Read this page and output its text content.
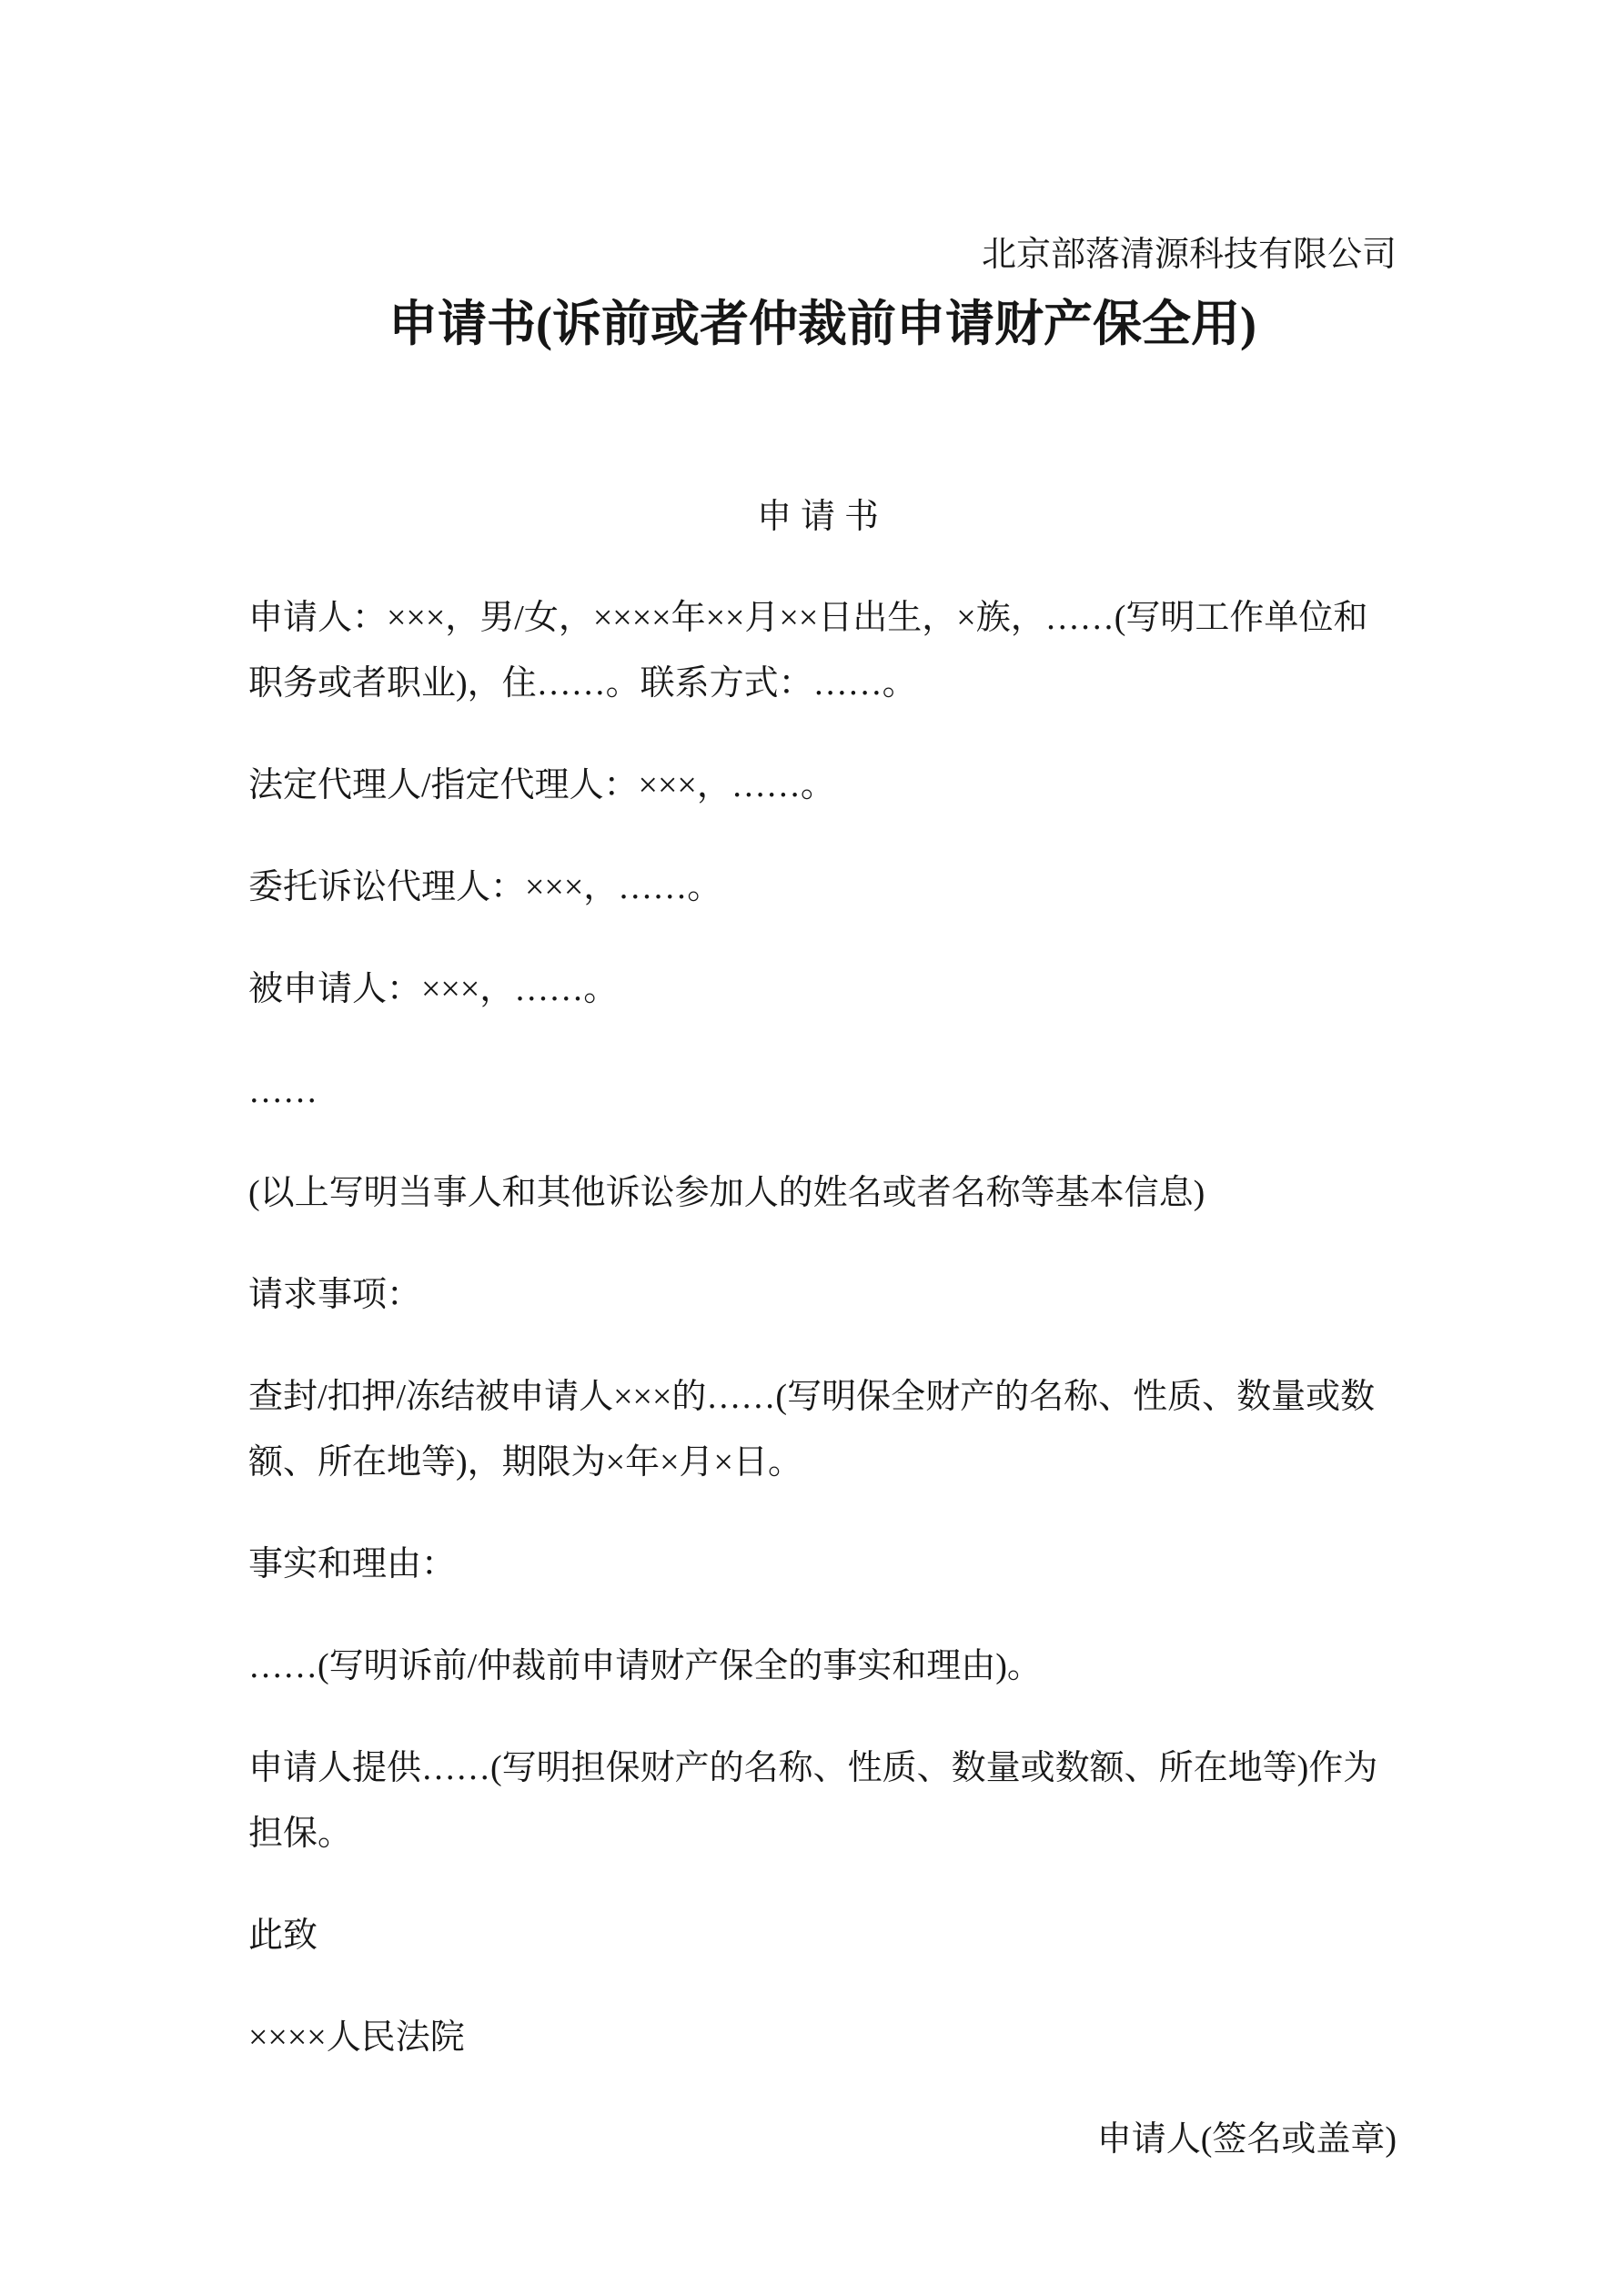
北京部落清源科技有限公司
申请书(诉前或者仲裁前申请财产保全用)
申请书

申请人：×××，男/女，××××年××月××日出生，×族，……(写明工作单位和职务或者职业)，住……。联系方式：……。

法定代理人/指定代理人：×××，……。

委托诉讼代理人：×××，……。

被申请人：×××，……。

……

(以上写明当事人和其他诉讼参加人的姓名或者名称等基本信息)

请求事项：

查封/扣押/冻结被申请人×××的……(写明保全财产的名称、性质、数量或数额、所在地等)，期限为×年×月×日。

事实和理由：

……(写明诉前/仲裁前申请财产保全的事实和理由)。

申请人提供……(写明担保财产的名称、性质、数量或数额、所在地等)作为担保。

此致

××××人民法院

申请人(签名或盖章)
